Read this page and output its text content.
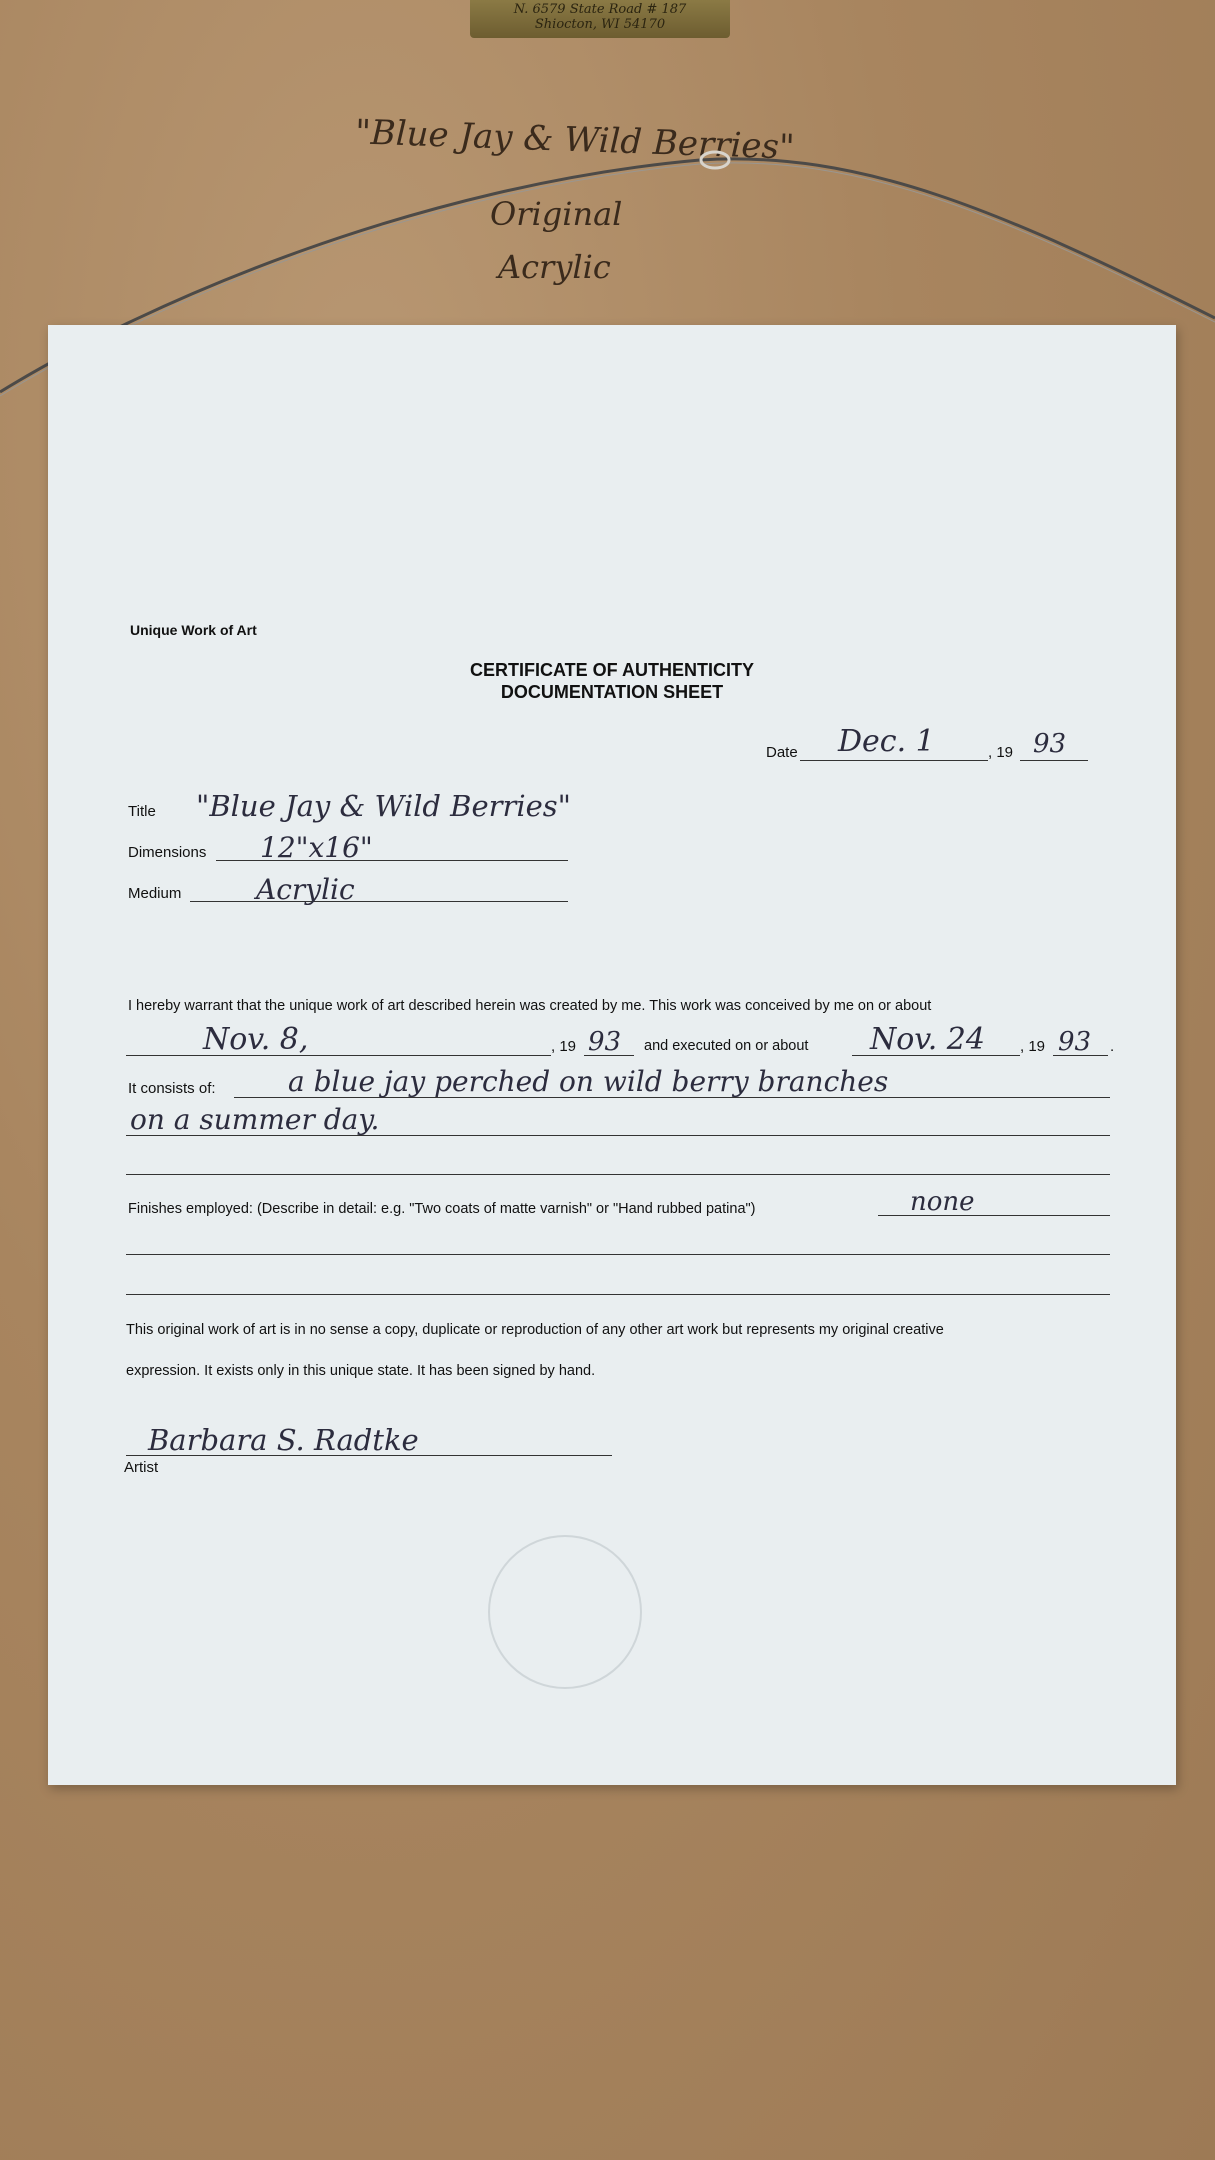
N. 6579 State Road # 187
Shiocton, WI 54170
"Blue Jay & Wild Berries"
Original
Acrylic
Unique Work of Art
CERTIFICATE OF AUTHENTICITY
DOCUMENTATION SHEET
Date Dec. 1	, 19 93
Title "Blue Jay & Wild Berries"
Dimensions 12"x16"
Medium	Acrylic
I hereby warrant that the unique work of art described herein was created by me. This work was conceived by me on or about
Nov. 8,	, 19 93 and executed on or about Nov. 24 , 19 93 .
It consists of:	a blue jay perched on wild berry branches
on a summer day.
Finishes employed: (Describe in detail: e.g. "Two coats of matte varnish" or "Hand rubbed patina")	none
This original work of art is in no sense a copy, duplicate or reproduction of any other art work but represents my original creative
expression. It exists only in this unique state. It has been signed by hand.
Barbara S. Radtke
Artist
